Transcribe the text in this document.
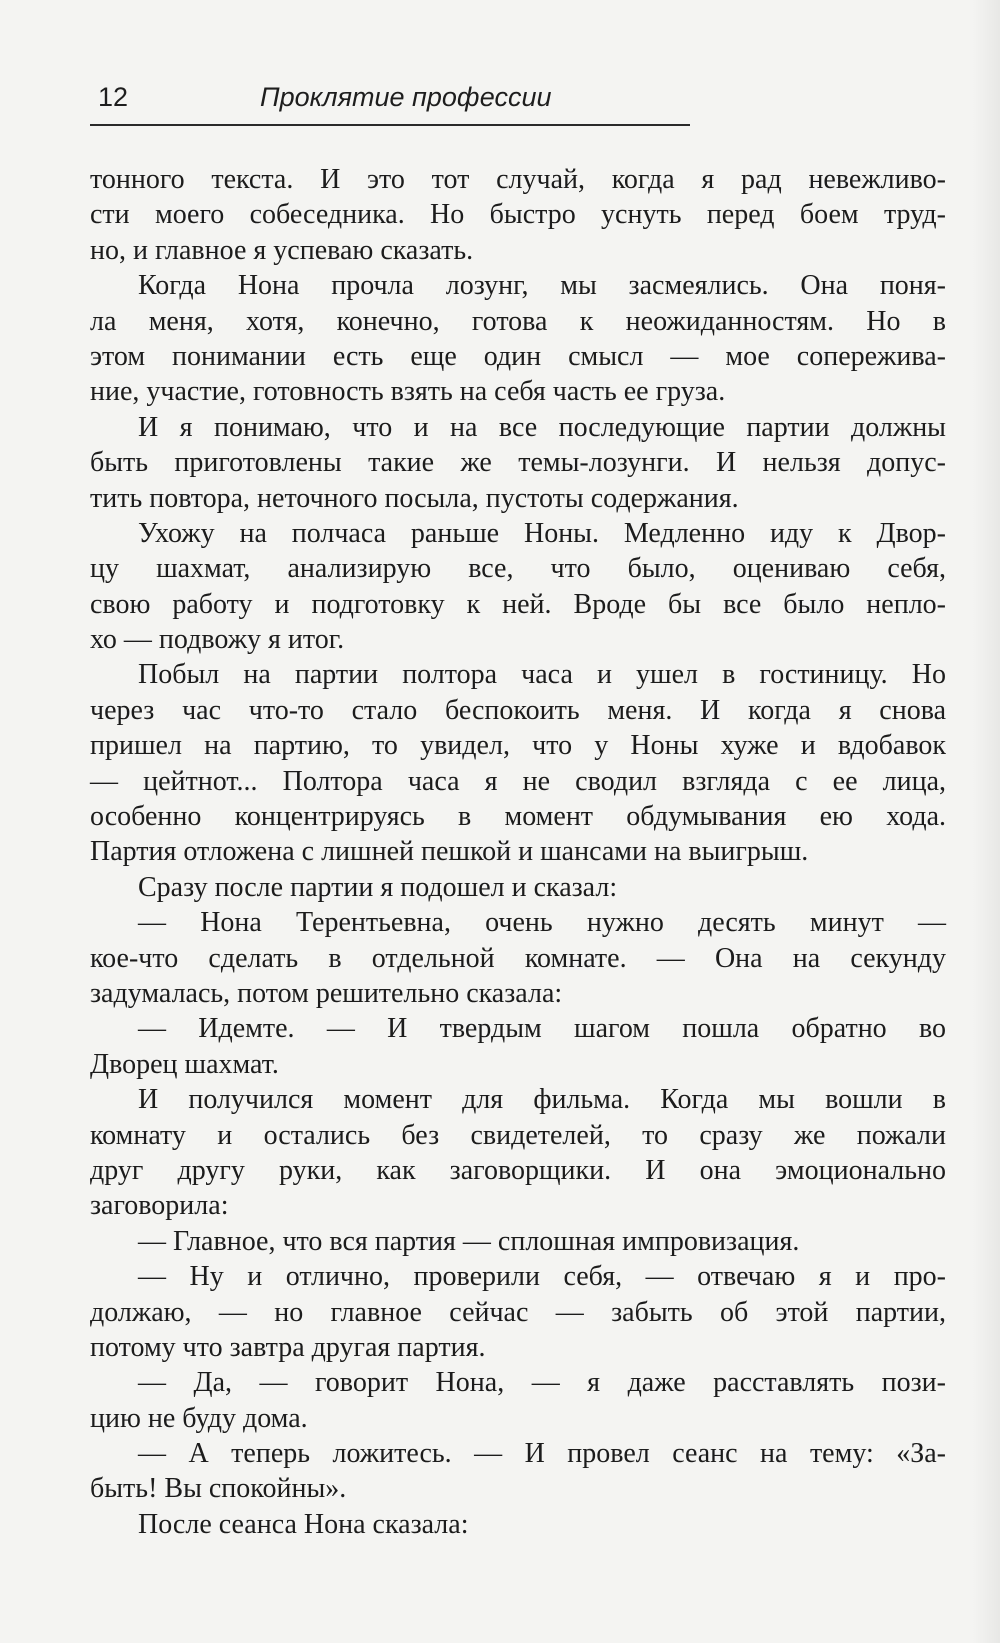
12	Проклятие профессии
тонного текста. И это тот случай, когда я рад невежливо-
сти моего собеседника. Но быстро уснуть перед боем труд-
но, и главное я успеваю сказать.
Когда Нона прочла лозунг, мы засмеялись. Она поня-
ла меня, хотя, конечно, готова к неожиданностям. Но в
этом понимании есть еще один смысл — мое сопережива-
ние, участие, готовность взять на себя часть ее груза.
И я понимаю, что и на все последующие партии должны
быть приготовлены такие же темы-лозунги. И нельзя допус-
тить повтора, неточного посыла, пустоты содержания.
Ухожу на полчаса раньше Ноны. Медленно иду к Двор-
цу шахмат, анализирую все, что было, оцениваю себя,
свою работу и подготовку к ней. Вроде бы все было непло-
хо — подвожу я итог.
Побыл на партии полтора часа и ушел в гостиницу. Но
через час что-то стало беспокоить меня. И когда я снова
пришел на партию, то увидел, что у Ноны хуже и вдобавок
— цейтнот... Полтора часа я не сводил взгляда с ее лица,
особенно концентрируясь в момент обдумывания ею хода.
Партия отложена с лишней пешкой и шансами на выигрыш.
Сразу после партии я подошел и сказал:
— Нона Терентьевна, очень нужно десять минут —
кое-что сделать в отдельной комнате. — Она на секунду
задумалась, потом решительно сказала:
— Идемте. — И твердым шагом пошла обратно во
Дворец шахмат.
И получился момент для фильма. Когда мы вошли в
комнату и остались без свидетелей, то сразу же пожали
друг другу руки, как заговорщики. И она эмоционально
заговорила:
— Главное, что вся партия — сплошная импровизация.
— Ну и отлично, проверили себя, — отвечаю я и про-
должаю, — но главное сейчас — забыть об этой партии,
потому что завтра другая партия.
— Да, — говорит Нона, — я даже расставлять пози-
цию не буду дома.
— А теперь ложитесь. — И провел сеанс на тему: «За-
быть! Вы спокойны».
После сеанса Нона сказала:
